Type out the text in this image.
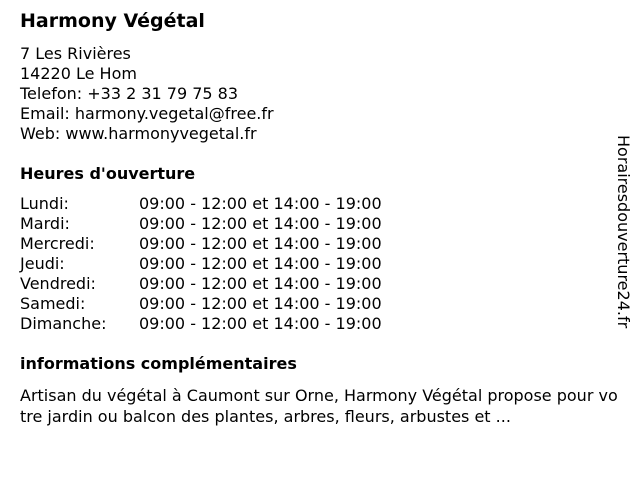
Harmony Végétal
7 Les Rivières
14220 Le Hom
Telefon: +33 2 31 79 75 83
Email: harmony.vegetal@free.fr
Web: www.harmonyvegetal.fr
Heures d'ouverture
Lundi:	09:00 - 12:00 et 14:00 - 19:00
Mardi:	09:00 - 12:00 et 14:00 - 19:00
Mercredi:	09:00 - 12:00 et 14:00 - 19:00
Jeudi:	09:00 - 12:00 et 14:00 - 19:00
Vendredi:	09:00 - 12:00 et 14:00 - 19:00
Samedi:	09:00 - 12:00 et 14:00 - 19:00
Dimanche: 09:00 - 12:00 et 14:00 - 19:00
informations complémentaires
Artisan du végétal à Caumont sur Orne, Harmony Végétal propose pour votre jardin ou balcon des plantes, arbres, fleurs, arbustes et ...
Horairesdouverture24.fr
